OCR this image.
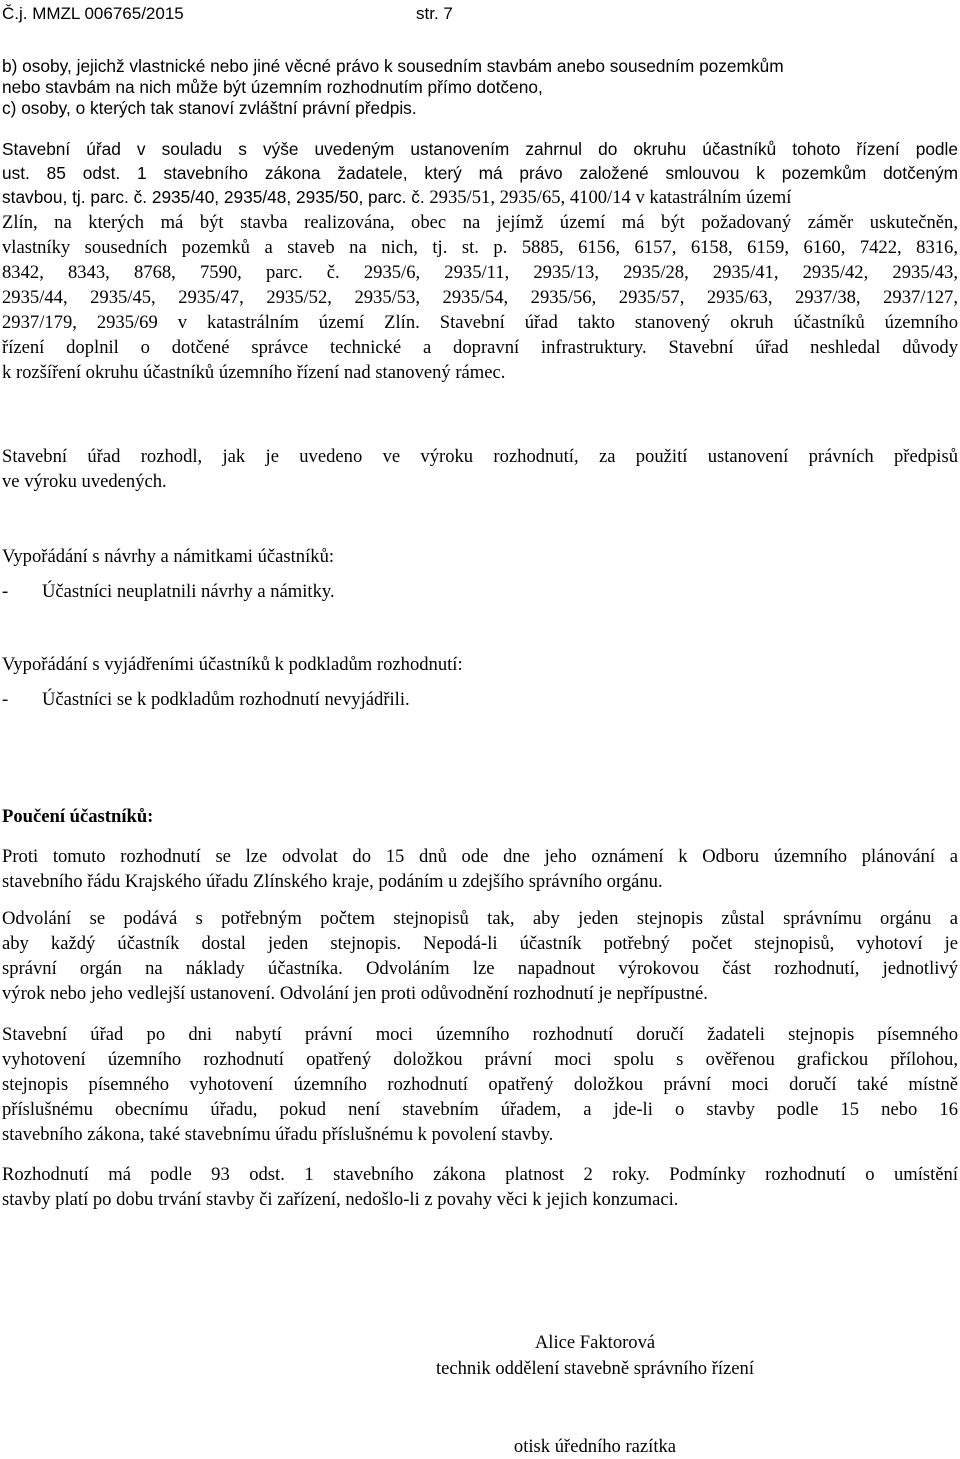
Č.j. MMZL 006765/2015	str. 7
b) osoby, jejichž vlastnické nebo jiné věcné právo k sousedním stavbám anebo sousedním pozemkům
nebo stavbám na nich může být územním rozhodnutím přímo dotčeno,
c) osoby, o kterých tak stanoví zvláštní právní předpis.
Stavební úřad v souladu s výše uvedeným ustanovením zahrnul do okruhu účastníků tohoto řízení podle
ust. 85 odst. 1 stavebního zákona žadatele, který má právo založené smlouvou k pozemkům dotčeným
stavbou, tj. parc. č. 2935/40, 2935/48, 2935/50, parc. č. 2935/51, 2935/65, 4100/14 v katastrálním území
Zlín, na kterých má být stavba realizována, obec na jejímž území má být požadovaný záměr uskutečněn,
vlastníky sousedních pozemků a staveb na nich, tj. st. p. 5885, 6156, 6157, 6158, 6159, 6160, 7422, 8316,
8342, 8343, 8768, 7590, parc. č. 2935/6, 2935/11, 2935/13, 2935/28, 2935/41, 2935/42, 2935/43,
2935/44, 2935/45, 2935/47, 2935/52, 2935/53, 2935/54, 2935/56, 2935/57, 2935/63, 2937/38, 2937/127,
2937/179, 2935/69 v katastrálním území Zlín. Stavební úřad takto stanovený okruh účastníků územního
řízení doplnil o dotčené správce technické a dopravní infrastruktury. Stavební úřad neshledal důvody
k rozšíření okruhu účastníků územního řízení nad stanovený rámec.
Stavební úřad rozhodl, jak je uvedeno ve výroku rozhodnutí, za použití ustanovení právních předpisů
ve výroku uvedených.
Vypořádání s návrhy a námitkami účastníků:
- Účastníci neuplatnili návrhy a námitky.
Vypořádání s vyjádřeními účastníků k podkladům rozhodnutí:
- Účastníci se k podkladům rozhodnutí nevyjádřili.
Poučení účastníků:
Proti tomuto rozhodnutí se lze odvolat do 15 dnů ode dne jeho oznámení k Odboru územního plánování a
stavebního řádu Krajského úřadu Zlínského kraje, podáním u zdejšího správního orgánu.
Odvolání se podává s potřebným počtem stejnopisů tak, aby jeden stejnopis zůstal správnímu orgánu a
aby každý účastník dostal jeden stejnopis. Nepodá-li účastník potřebný počet stejnopisů, vyhotoví je
správní orgán na náklady účastníka. Odvoláním lze napadnout výrokovou část rozhodnutí, jednotlivý
výrok nebo jeho vedlejší ustanovení. Odvolání jen proti odůvodnění rozhodnutí je nepřípustné.
Stavební úřad po dni nabytí právní moci územního rozhodnutí doručí žadateli stejnopis písemného
vyhotovení územního rozhodnutí opatřený doložkou právní moci spolu s ověřenou grafickou přílohou,
stejnopis písemného vyhotovení územního rozhodnutí opatřený doložkou právní moci doručí také místně
příslušnému obecnímu úřadu, pokud není stavebním úřadem, a jde-li o stavby podle 15 nebo 16
stavebního zákona, také stavebnímu úřadu příslušnému k povolení stavby.
Rozhodnutí má podle 93 odst. 1 stavebního zákona platnost 2 roky. Podmínky rozhodnutí o umístění
stavby platí po dobu trvání stavby či zařízení, nedošlo-li z povahy věci k jejich konzumaci.
Alice Faktorová
technik oddělení stavebně správního řízení
otisk úředního razítka
